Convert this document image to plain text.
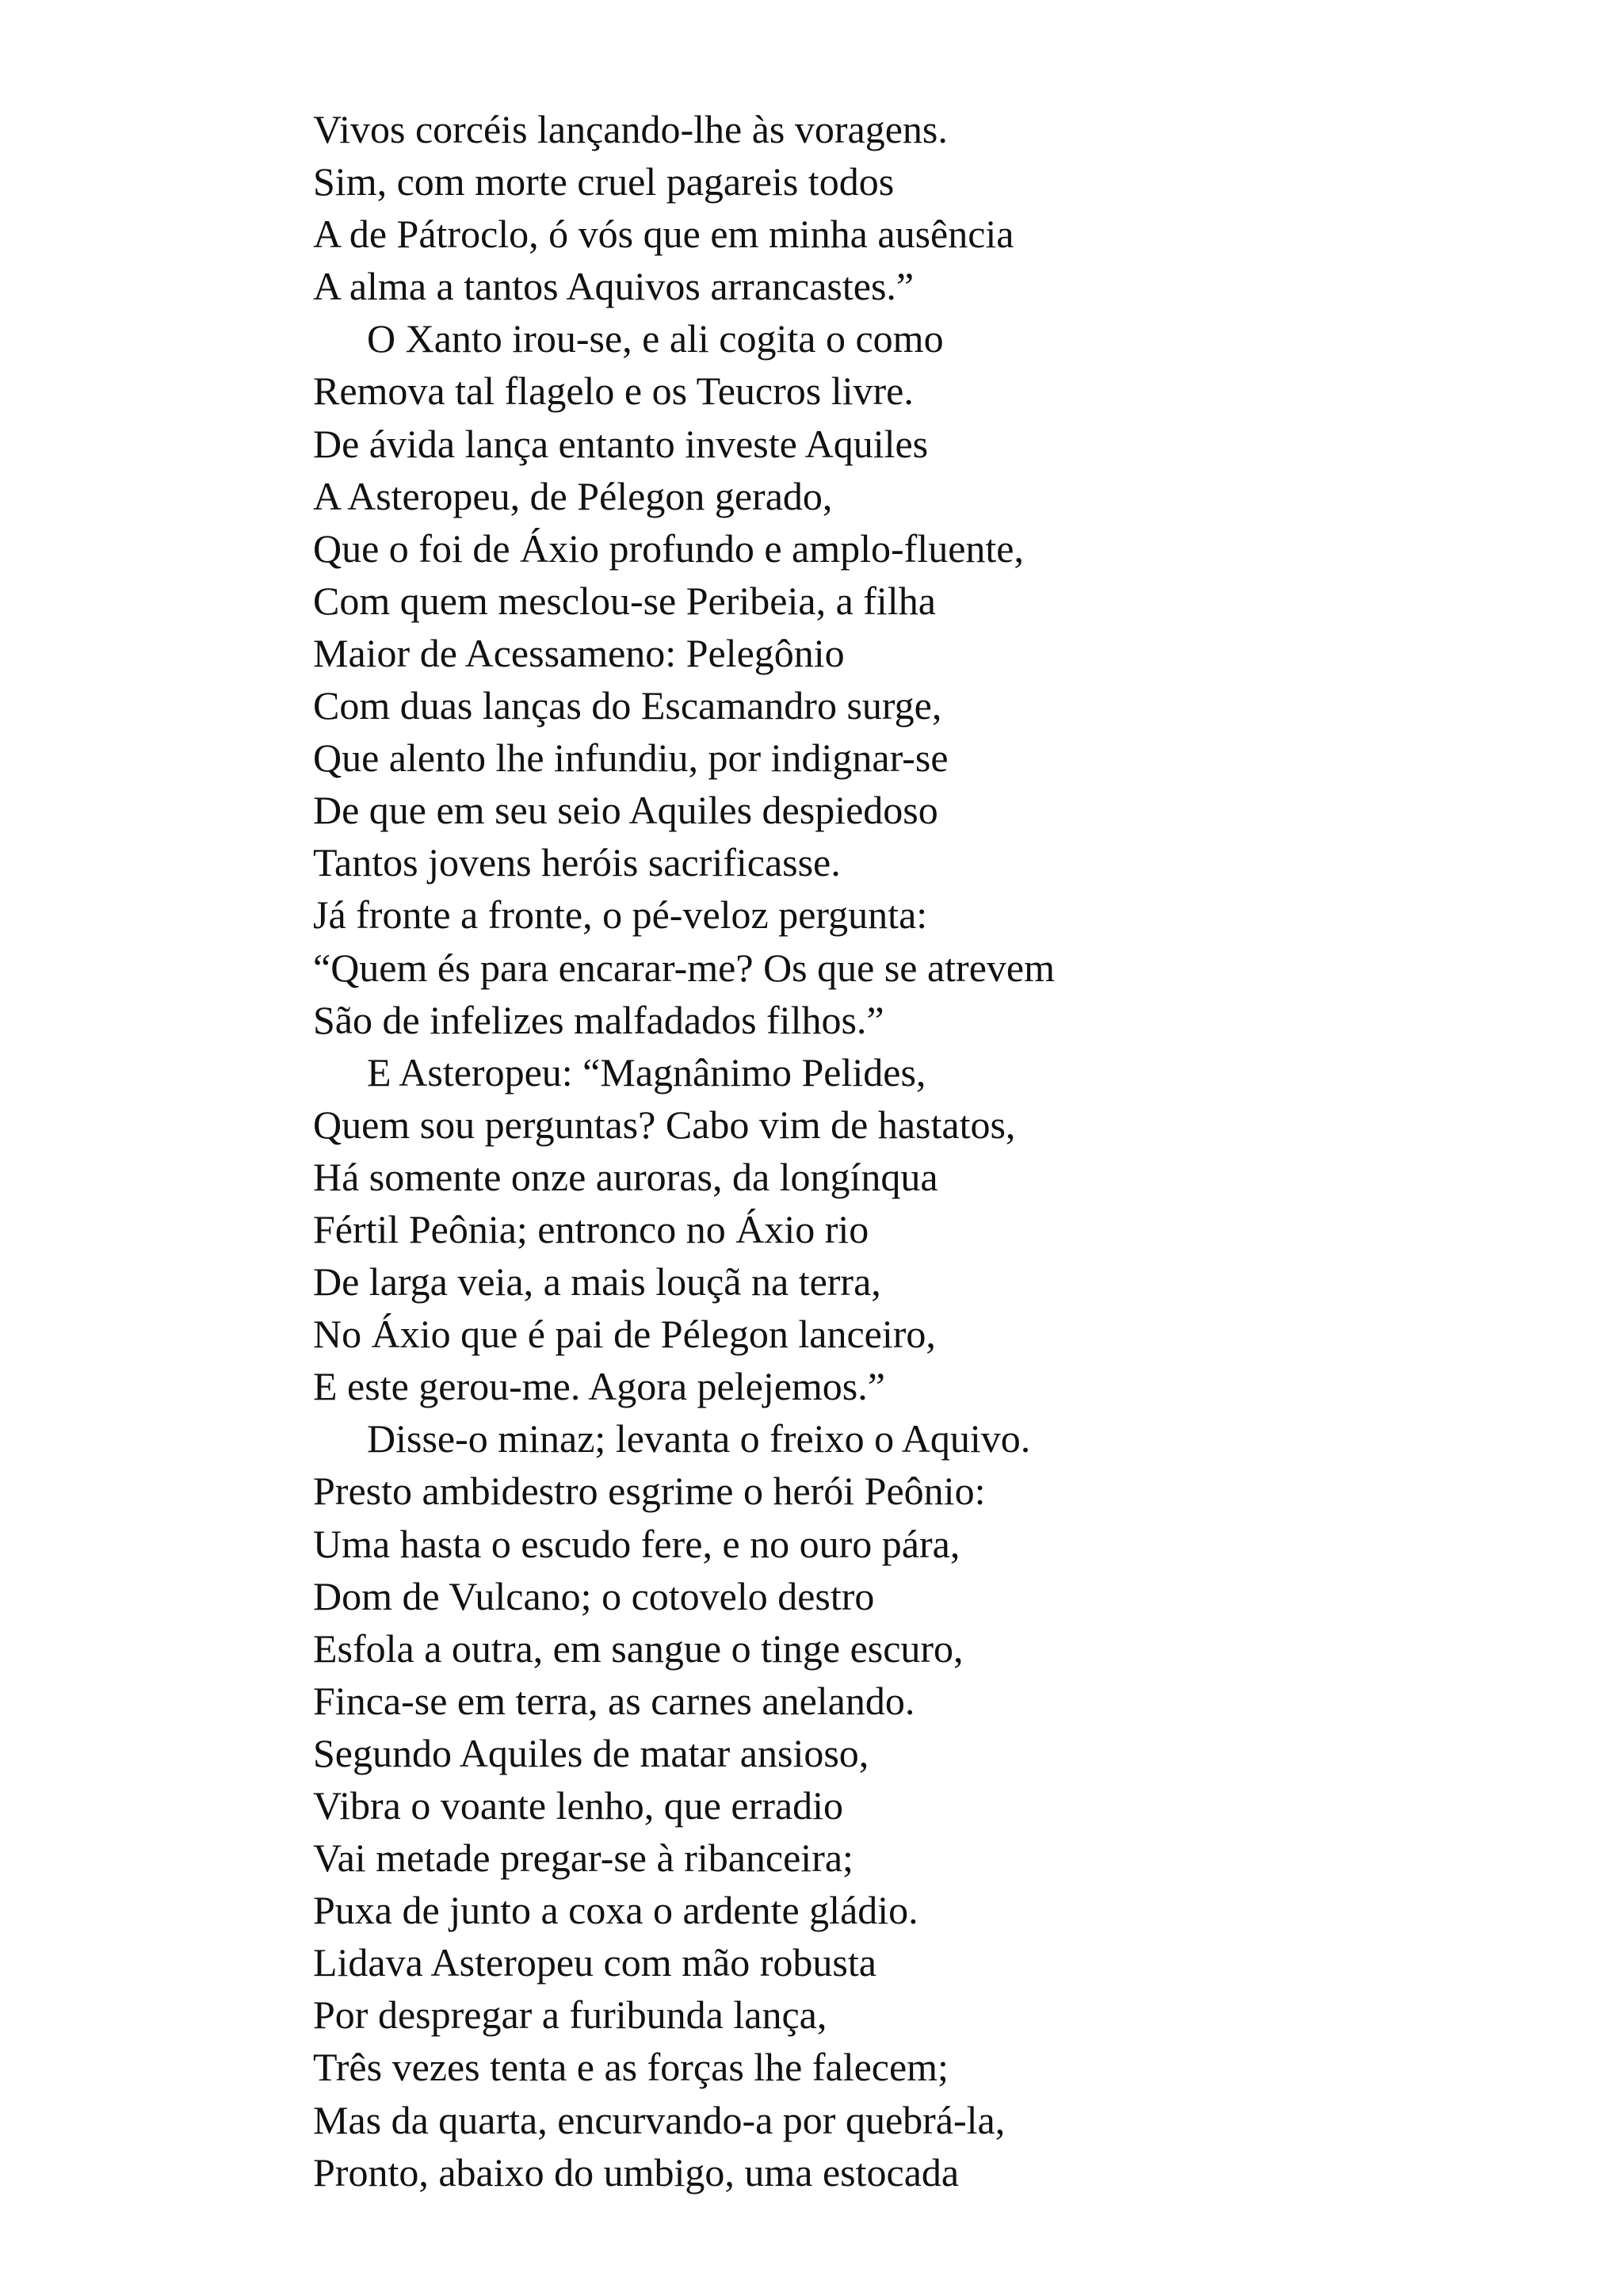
Vivos corcéis lançando-lhe às voragens.
Sim, com morte cruel pagareis todos
A de Pátroclo, ó vós que em minha ausência
A alma a tantos Aquivos arrancastes.”
O Xanto irou-se, e ali cogita o como
Removа tal flagelo e os Teucros livre.
De ávida lança entanto investe Aquiles
A Asteropeu, de Pélegon gerado,
Que o foi de Áxio profundo e amplo-fluente,
Com quem mesclou-se Peribeia, a filha
Maior de Acessameno: Pelegônio
Com duas lanças do Escamandro surge,
Que alento lhe infundiu, por indignar-se
De que em seu seio Aquiles despiedoso
Tantos jovens heróis sacrificasse.
Já fronte a fronte, o pé-veloz pergunta:
“Quem és para encarar-me? Os que se atrevem
São de infelizes malfadados filhos.”
E Asteropeu: “Magnânimo Pelides,
Quem sou perguntas? Cabo vim de hastatos,
Há somente onze auroras, da longínqua
Fértil Peônia; entronco no Áxio rio
De larga veia, a mais louçã na terra,
No Áxio que é pai de Pélegon lanceiro,
E este gerou-me. Agora pelejemos.”
Disse-o minaz; levanta o freixo o Aquivo.
Presto ambidestro esgrime o herói Peônio:
Uma hasta o escudo fere, e no ouro pára,
Dom de Vulcano; o cotovelo destro
Esfola a outra, em sangue o tinge escuro,
Finca-se em terra, as carnes anelando.
Segundo Aquiles de matar ansioso,
Vibra o voante lenho, que erradio
Vai metade pregar-se à ribanceira;
Puxa de junto a coxa o ardente gládio.
Lidava Asteropeu com mão robusta
Por despregar a furibunda lança,
Três vezes tenta e as forças lhe falecem;
Mas da quarta, encurvando-a por quebrá-la,
Pronto, abaixo do umbigo, uma estocada
